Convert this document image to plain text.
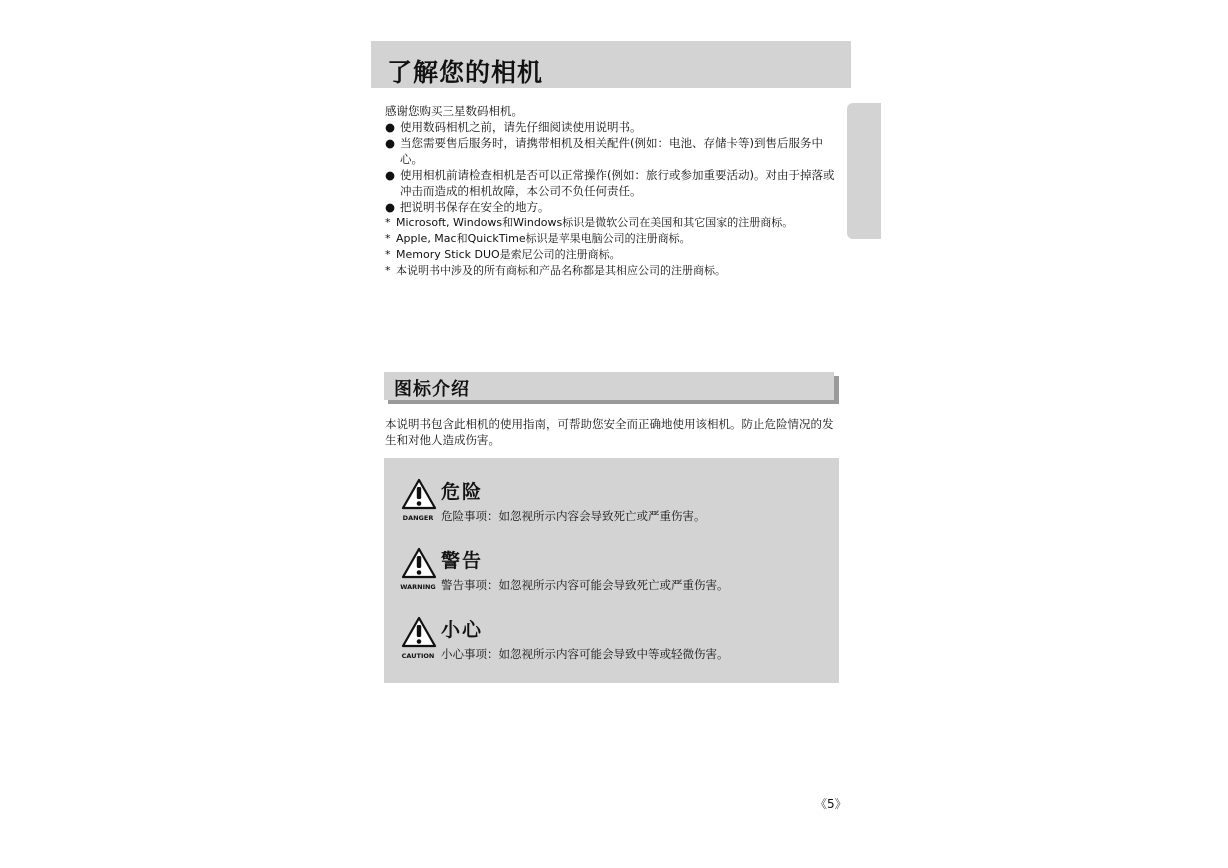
了解您的相机

感谢您购买三星数码相机。

● 使用数码相机之前，请先仔细阅读使用说明书。
● 当您需要售后服务时，请携带相机及相关配件(例如：电池、存储卡等)到售后服务中心。
● 使用相机前请检查相机是否可以正常操作(例如：旅行或参加重要活动)。对由于掉落或冲击而造成的相机故障，本公司不负任何责任。
● 把说明书保存在安全的地方。
* Microsoft, Windows和Windows标识是微软公司在美国和其它国家的注册商标。
* Apple, Mac和QuickTime标识是苹果电脑公司的注册商标。
* Memory Stick DUO是索尼公司的注册商标。
* 本说明书中涉及的所有商标和产品名称都是其相应公司的注册商标。
图标介绍

本说明书包含此相机的使用指南，可帮助您安全而正确地使用该相机。防止危险情况的发生和对他人造成伤害。

DANGER
危险
危险事项：如忽视所示内容会导致死亡或严重伤害。
WARNING
警告
警告事项：如忽视所示内容可能会导致死亡或严重伤害。
CAUTION
小心
小心事项：如忽视所示内容可能会导致中等或轻微伤害。
《5》
